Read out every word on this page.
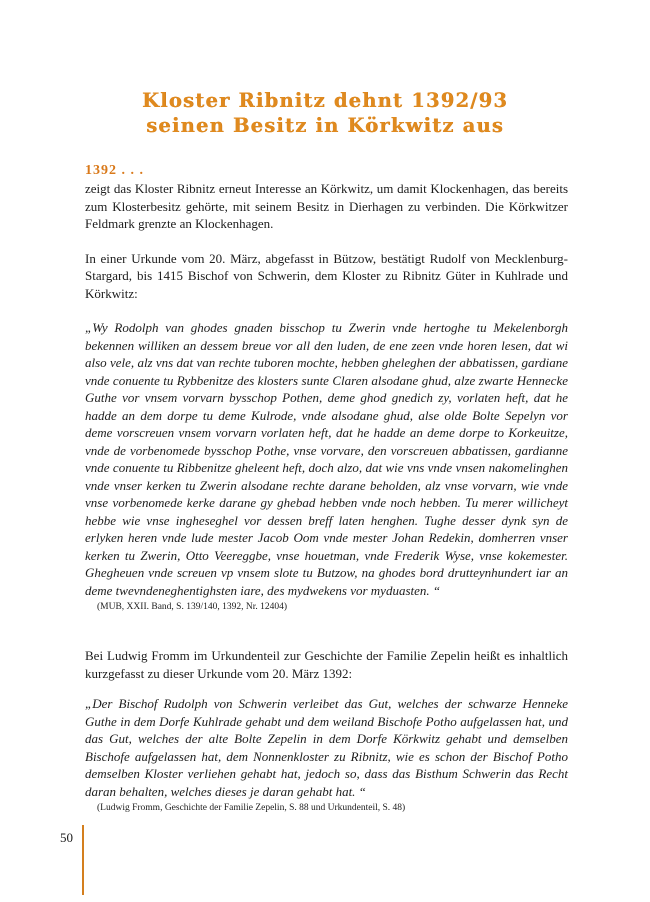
Kloster Ribnitz dehnt 1392/93
seinen Besitz in Körkwitz aus
1392 . . .

zeigt das Kloster Ribnitz erneut Interesse an Körkwitz, um damit Klockenhagen, das bereits zum Klosterbesitz gehörte, mit seinem Besitz in Dierhagen zu verbinden. Die Körkwitzer Feldmark grenzte an Klockenhagen.

In einer Urkunde vom 20. März, abgefasst in Bützow, bestätigt Rudolf von Mecklenburg-Stargard, bis 1415 Bischof von Schwerin, dem Kloster zu Ribnitz Güter in Kuhlrade und Körkwitz:

„Wy Rodolph van ghodes gnaden bisschop tu Zwerin vnde hertoghe tu Mekelenborgh bekennen williken an dessem breue vor all den luden, de ene zeen vnde horen lesen, dat wi also vele, alz vns dat van rechte tuboren mochte, hebben gheleghen der abbatissen, gardiane vnde conuente tu Rybbenitze des klosters sunte Claren alsodane ghud, alze zwarte Hennecke Guthe vor vnsem vorvarn bysschop Pothen, deme ghod gnedich zy, vorlaten heft, dat he hadde an dem dorpe tu deme Kulrode, vnde alsodane ghud, alse olde Bolte Sepelyn vor deme vorscreuen vnsem vorvarn vorlaten heft, dat he hadde an deme dorpe to Korkeuitze, vnde de vorbenomede bysschop Pothe, vnse vorvare, den vorscreuen abbatissen, gardianne vnde conuente tu Ribbenitze gheleent heft, doch alzo, dat wie vns vnde vnsen nakomelinghen vnde vnser kerken tu Zwerin alsodane rechte darane beholden, alz vnse vorvarn, wie vnde vnse vorbenomede kerke darane gy ghebad hebben vnde noch hebben. Tu merer willicheyt hebbe wie vnse ingheseghel vor dessen breff laten henghen. Tughe desser dynk syn de erlyken heren vnde lude mester Jacob Oom vnde mester Johan Redekin, domherren vnser kerken tu Zwerin, Otto Veereggbe, vnse houetman, vnde Frederik Wyse, vnse kokemester. Ghegheuen vnde screuen vp vnsem slote tu Butzow, na ghodes bord drutteynhundert iar an deme twevndeneghentighsten iare, des mydwekens vor myduasten. “

(MUB, XXII. Band, S. 139/140, 1392, Nr. 12404)

Bei Ludwig Fromm im Urkundenteil zur Geschichte der Familie Zepelin heißt es inhaltlich kurzgefasst zu dieser Urkunde vom 20. März 1392:

„Der Bischof Rudolph von Schwerin verleibet das Gut, welches der schwarze Henneke Guthe in dem Dorfe Kuhlrade gehabt und dem weiland Bischofe Potho aufgelassen hat, und das Gut, welches der alte Bolte Zepelin in dem Dorfe Körkwitz gehabt und demselben Bischofe aufgelassen hat, dem Nonnenkloster zu Ribnitz, wie es schon der Bischof Potho demselben Kloster verliehen gehabt hat, jedoch so, dass das Bisthum Schwerin das Recht daran behalten, welches dieses je daran gehabt hat. “

(Ludwig Fromm, Geschichte der Familie Zepelin, S. 88 und Urkundenteil, S. 48)

50
